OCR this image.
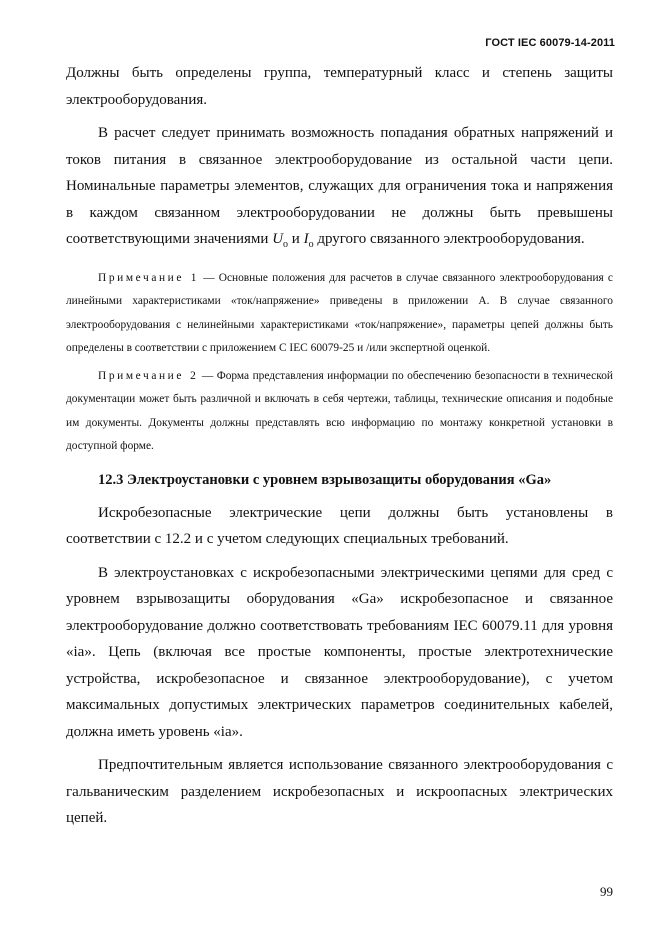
ГОСТ IEC 60079-14-2011

Должны быть определены группа, температурный класс и степень защиты электрооборудования.

В расчет следует принимать возможность попадания обратных напряжений и токов питания в связанное электрооборудование из остальной части цепи. Номинальные параметры элементов, служащих для ограничения тока и напряжения в каждом связанном электрооборудовании не должны быть превышены соответствующими значениями $U_o$ и $I_o$ другого связанного электрооборудования.

Примечание 1 — Основные положения для расчетов в случае связанного электрооборудования с линейными характеристиками «ток/напряжение» приведены в приложении А. В случае связанного электрооборудования с нелинейными характеристиками «ток/напряжение», параметры цепей должны быть определены в соответствии с приложением С IEC 60079-25 и /или экспертной оценкой.

Примечание 2 — Форма представления информации по обеспечению безопасности в технической документации может быть различной и включать в себя чертежи, таблицы, технические описания и подобные им документы. Документы должны представлять всю информацию по монтажу конкретной установки в доступной форме.

12.3 Электроустановки с уровнем взрывозащиты оборудования «Ga»

Искробезопасные электрические цепи должны быть установлены в соответствии с 12.2 и с учетом следующих специальных требований.

В электроустановках с искробезопасными электрическими цепями для сред с уровнем взрывозащиты оборудования «Ga» искробезопасное и связанное электрооборудование должно соответствовать требованиям IEC 60079.11 для уровня «ia». Цепь (включая все простые компоненты, простые электротехнические устройства, искробезопасное и связанное электрооборудование), с учетом максимальных допустимых электрических параметров соединительных кабелей, должна иметь уровень «ia».

Предпочтительным является использование связанного электрооборудования с гальваническим разделением искробезопасных и искроопасных электрических цепей.

99
